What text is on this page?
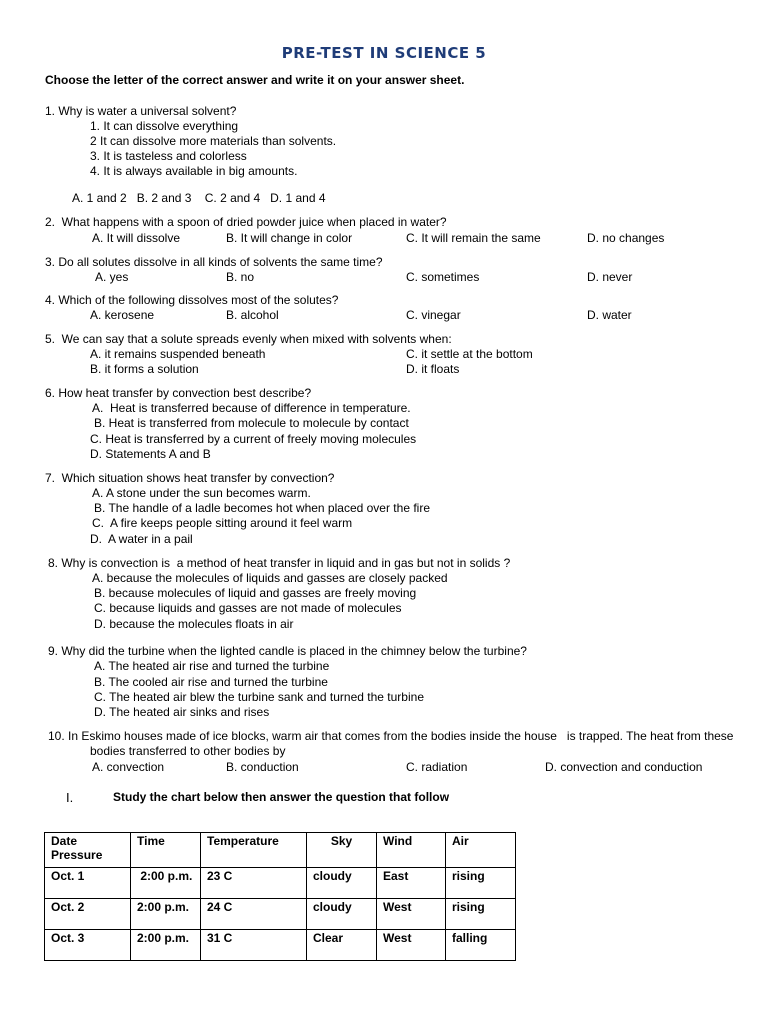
PRE-TEST IN SCIENCE 5
Choose the letter of the correct answer and write it on your answer sheet.
1. Why is water a universal solvent?
1. It can dissolve everything
2 It can dissolve more materials than solvents.
3. It is tasteless and colorless
4. It is always available in big amounts.
A. 1 and 2   B. 2 and 3    C. 2 and 4   D. 1 and 4
2.  What happens with a spoon of dried powder juice when placed in water?
A. It will dissolve	B. It will change in color	C. It will remain the same	D. no changes
3. Do all solutes dissolve in all kinds of solvents the same time?
A. yes	B. no	C. sometimes	D. never
4. Which of the following dissolves most of the solutes?
A. kerosene	B. alcohol	C. vinegar	D. water
5.  We can say that a solute spreads evenly when mixed with solvents when:
A. it remains suspended beneath	C. it settle at the bottom
B. it forms a solution	D. it floats
6. How heat transfer by convection best describe?
A.  Heat is transferred because of difference in temperature.
B. Heat is transferred from molecule to molecule by contact
C. Heat is transferred by a current of freely moving molecules
D. Statements A and B
7.  Which situation shows heat transfer by convection?
A. A stone under the sun becomes warm.
B. The handle of a ladle becomes hot when placed over the fire
C.  A fire keeps people sitting around it feel warm
D.  A water in a pail
8. Why is convection is  a method of heat transfer in liquid and in gas but not in solids ?
A. because the molecules of liquids and gasses are closely packed
B. because molecules of liquid and gasses are freely moving
C. because liquids and gasses are not made of molecules
D. because the molecules floats in air
9. Why did the turbine when the lighted candle is placed in the chimney below the turbine?
A. The heated air rise and turned the turbine
B. The cooled air rise and turned the turbine
C. The heated air blew the turbine sank and turned the turbine
D. The heated air sinks and rises
10. In Eskimo houses made of ice blocks, warm air that comes from the bodies inside the house   is trapped. The heat from these
bodies transferred to other bodies by
A. convection	B. conduction	C. radiation	D. convection and conduction
I.	Study the chart below then answer the question that follow
Date
Pressure	Time	Temperature	Sky	Wind	Air
Oct. 1	2:00 p.m.	23 C	cloudy	East	rising
Oct. 2	2:00 p.m.	24 C	cloudy	West	rising
Oct. 3	2:00 p.m.	31 C	Clear	West	falling
